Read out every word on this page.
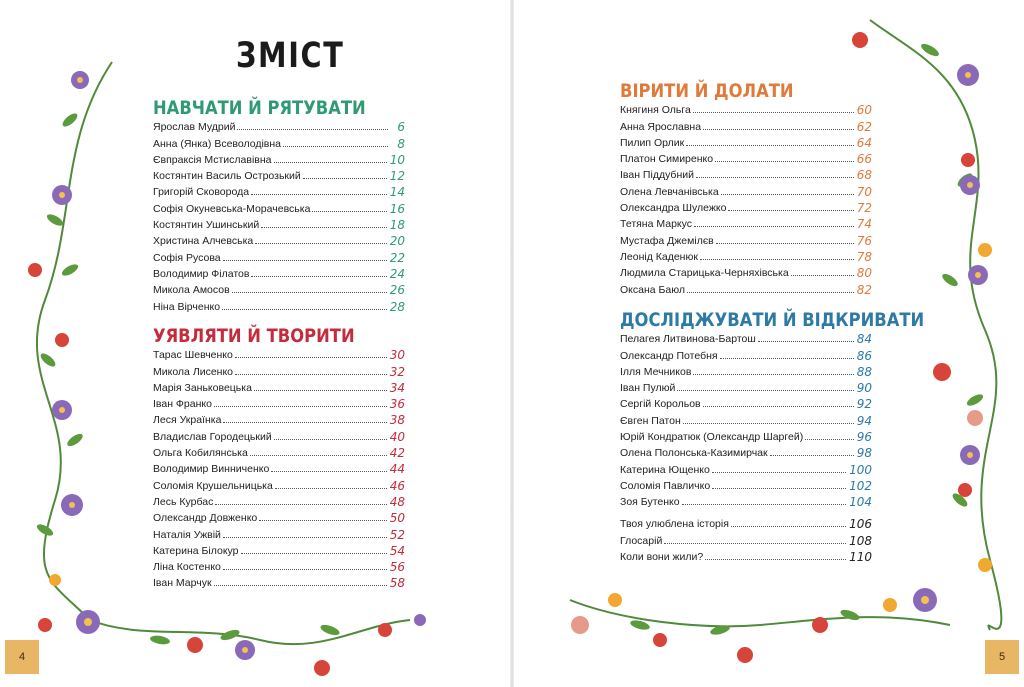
ЗМІСТ
НАВЧАТИ Й РЯТУВАТИ
Ярослав Мудрий	6
Анна (Янка) Всеволодівна	8
Євпраксія Мстиславівна	10
Костянтин Василь Острозький	12
Григорій Сковорода	14
Софія Окуневська-Морачевська	16
Костянтин Ушинський	18
Христина Алчевська	20
Софія Русова	22
Володимир Філатов	24
Микола Амосов	26
Ніна Вірченко	28
УЯВЛЯТИ Й ТВОРИТИ
Тарас Шевченко	30
Микола Лисенко	32
Марія Заньковецька	34
Іван Франко	36
Леся Українка	38
Владислав Городецький	40
Ольга Кобилянська	42
Володимир Винниченко	44
Соломія Крушельницька	46
Лесь Курбас	48
Олександр Довженко	50
Наталія Ужвій	52
Катерина Білокур	54
Ліна Костенко	56
Іван Марчук	58
ВІРИТИ Й ДОЛАТИ
Княгиня Ольга	60
Анна Ярославна	62
Пилип Орлик	64
Платон Симиренко	66
Іван Піддубний	68
Олена Левчанівська	70
Олександра Шулежко	72
Тетяна Маркус	74
Мустафа Джемілєв	76
Леонід Каденюк	78
Людмила Старицька-Черняхівська	80
Оксана Баюл	82
ДОСЛІДЖУВАТИ Й ВІДКРИВАТИ
Пелагея Литвинова-Бартош	84
Олександр Потебня	86
Ілля Мечников	88
Іван Пулюй	90
Сергій Корольов	92
Євген Патон	94
Юрій Кондратюк (Олександр Шаргей)	96
Олена Полонська-Казимирчак	98
Катерина Ющенко	100
Соломія Павличко	102
Зоя Бутенко	104
Твоя улюблена історія	106
Глосарій	108
Коли вони жили?	110
4	5
